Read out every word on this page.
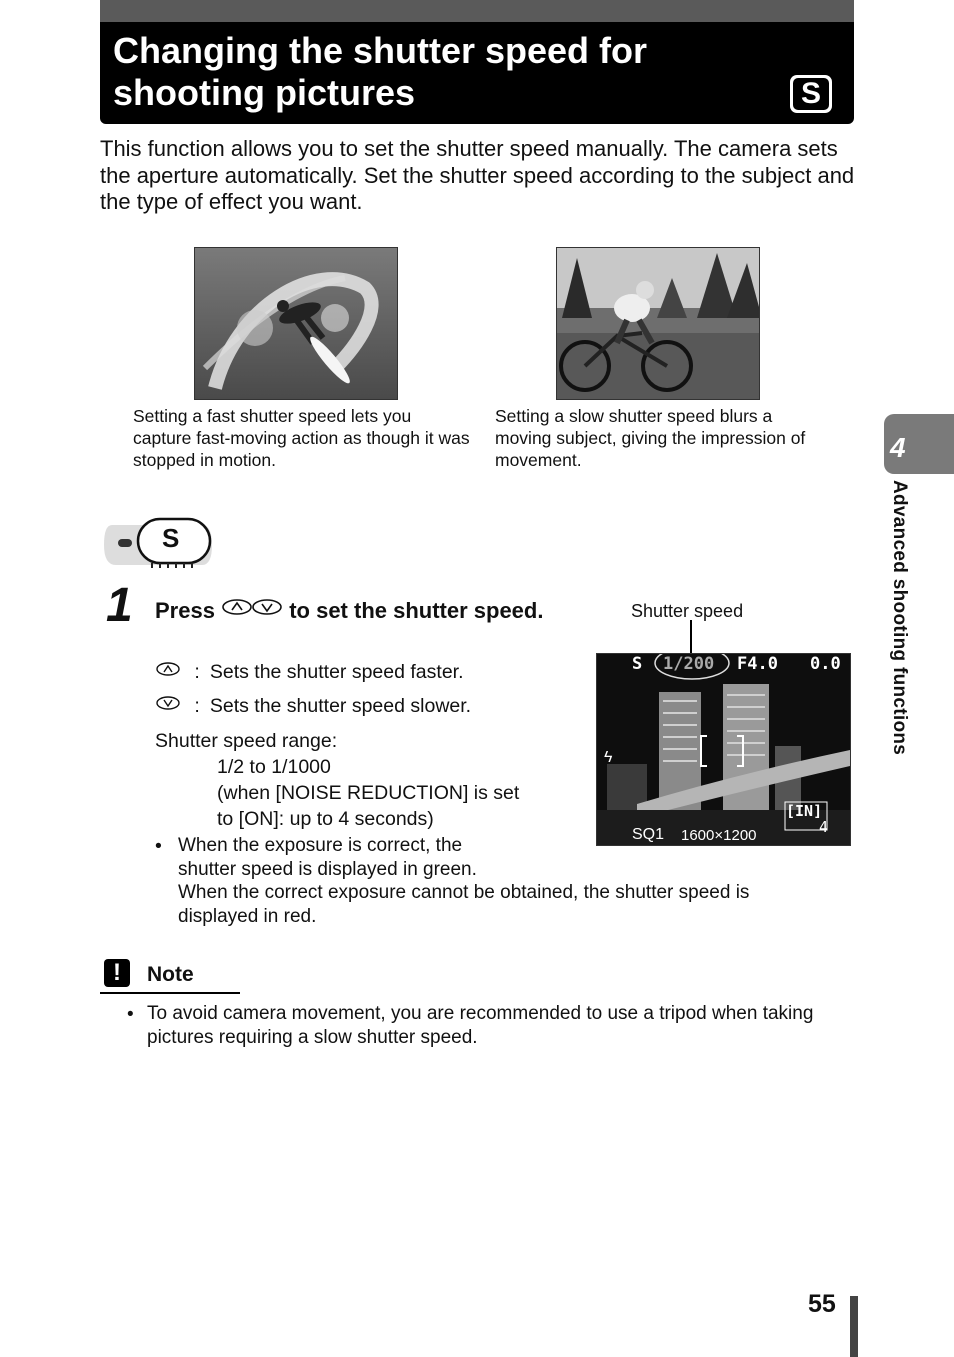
Changing the shutter speed for shooting pictures	S
This function allows you to set the shutter speed manually. The camera sets the aperture automatically. Set the shutter speed according to the subject and the type of effect you want.
Setting a fast shutter speed lets you capture fast-moving action as though it was stopped in motion.
Setting a slow shutter speed blurs a moving subject, giving the impression of movement.	4
Advanced shooting functions
S
1 Press	to set the shutter speed.
: Sets the shutter speed faster.
: Sets the shutter speed slower.
Shutter speed range:
1/2 to 1/1000
(when [NOISE REDUCTION] is set
to [ON]: up to 4 seconds)
• When the exposure is correct, the shutter speed is displayed in green.
When the correct exposure cannot be obtained, the shutter speed is displayed in red.
Shutter speed
S 1/200 F4.0 0.0
ϟ
[IN]
4
SQ1 1600×1200
!	Note
• To avoid camera movement, you are recommended to use a tripod when taking pictures requiring a slow shutter speed.
55
